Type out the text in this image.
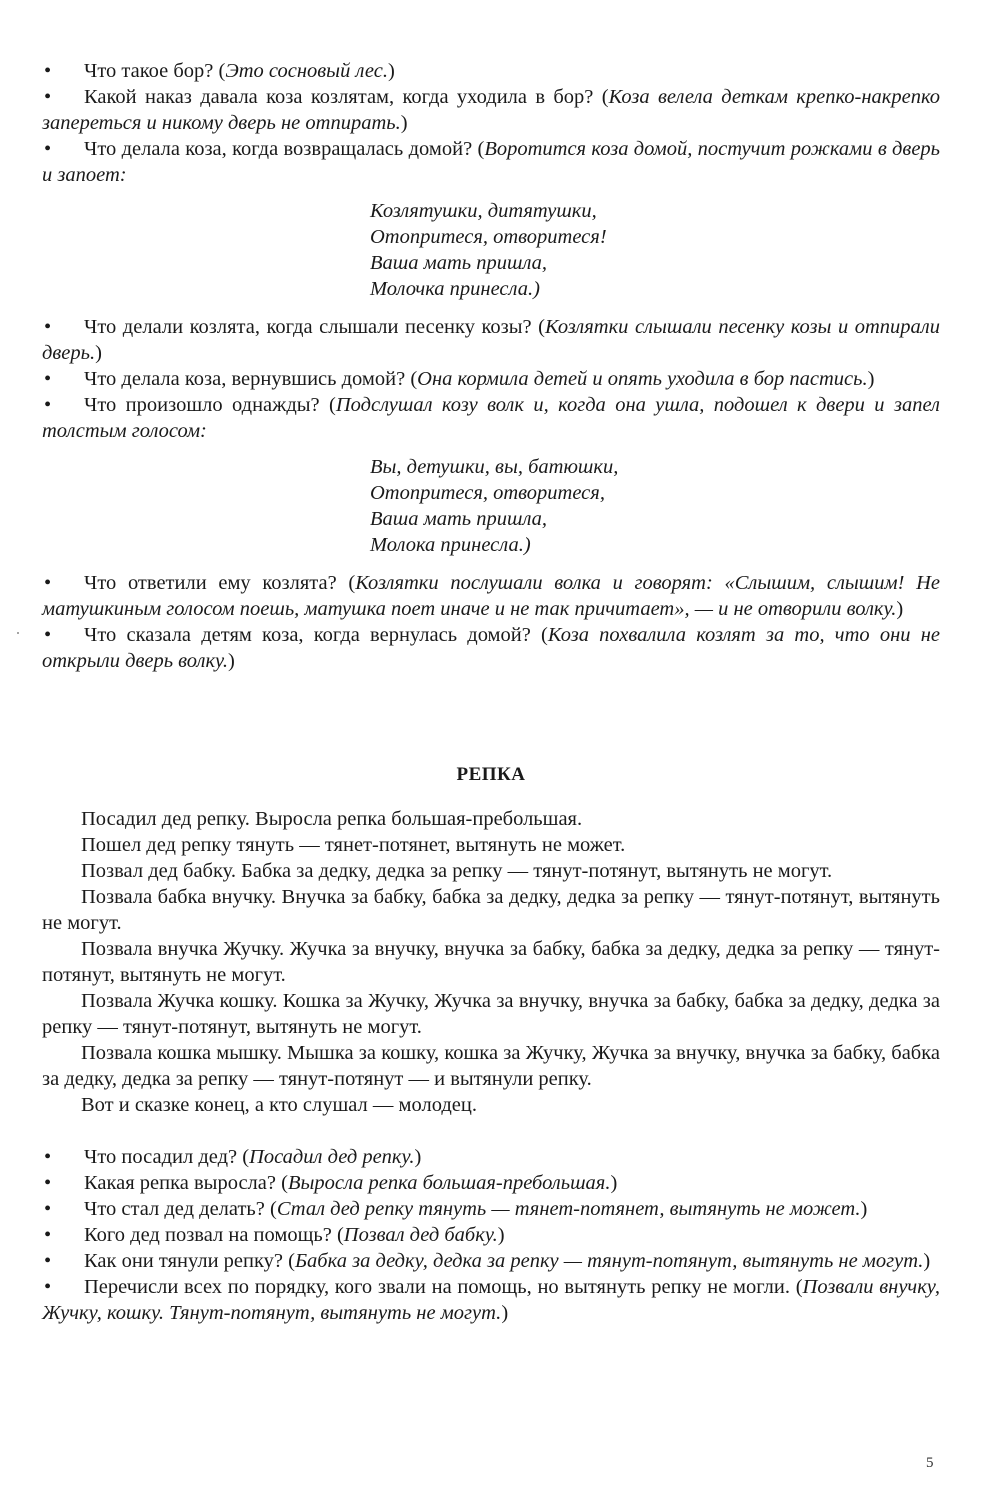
• Что такое бор? (Это сосновый лес.)

• Какой наказ давала коза козлятам, когда уходила в бор? (Коза велела деткам крепко-накрепко запереться и никому дверь не отпирать.)

• Что делала коза, когда возвращалась домой? (Воротится коза домой, постучит рожками в дверь и запоет:

Козлятушки, дитятушки,
Отопритеся, отворитеся!
Ваша мать пришла,
Молочка принесла.)

• Что делали козлята, когда слышали песенку козы? (Козлятки слышали песенку козы и отпирали дверь.)

• Что делала коза, вернувшись домой? (Она кормила детей и опять уходила в бор пастись.)

• Что произошло однажды? (Подслушал козу волк и, когда она ушла, подошел к двери и запел толстым голосом:

Вы, детушки, вы, батюшки,
Отопритеся, отворитеся,
Ваша мать пришла,
Молока принесла.)

• Что ответили ему козлята? (Козлятки послушали волка и говорят: «Слышим, слышим! Не матушкиным голосом поешь, матушка поет иначе и не так причитает», — и не отворили волку.)

• Что сказала детям коза, когда вернулась домой? (Коза похвалила козлят за то, что они не открыли дверь волку.)

РЕПКА

Посадил дед репку. Выросла репка большая-пребольшая.

Пошел дед репку тянуть — тянет-потянет, вытянуть не может.

Позвал дед бабку. Бабка за дедку, дедка за репку — тянут-потянут, вытянуть не могут.

Позвала бабка внучку. Внучка за бабку, бабка за дедку, дедка за репку — тянут-потянут, вытянуть не могут.

Позвала внучка Жучку. Жучка за внучку, внучка за бабку, бабка за дедку, дедка за репку — тянут-потянут, вытянуть не могут.

Позвала Жучка кошку. Кошка за Жучку, Жучка за внучку, внучка за бабку, бабка за дедку, дедка за репку — тянут-потянут, вытянуть не могут.

Позвала кошка мышку. Мышка за кошку, кошка за Жучку, Жучка за внучку, внучка за бабку, бабка за дедку, дедка за репку — тянут-потянут — и вытянули репку.

Вот и сказке конец, а кто слушал — молодец.

• Что посадил дед? (Посадил дед репку.)

• Какая репка выросла? (Выросла репка большая-пребольшая.)

• Что стал дед делать? (Стал дед репку тянуть — тянет-потянет, вытянуть не может.)

• Кого дед позвал на помощь? (Позвал дед бабку.)

• Как они тянули репку? (Бабка за дедку, дедка за репку — тянут-потянут, вытянуть не могут.)

• Перечисли всех по порядку, кого звали на помощь, но вытянуть репку не могли. (Позвали внучку, Жучку, кошку. Тянут-потянут, вытянуть не могут.)

5
